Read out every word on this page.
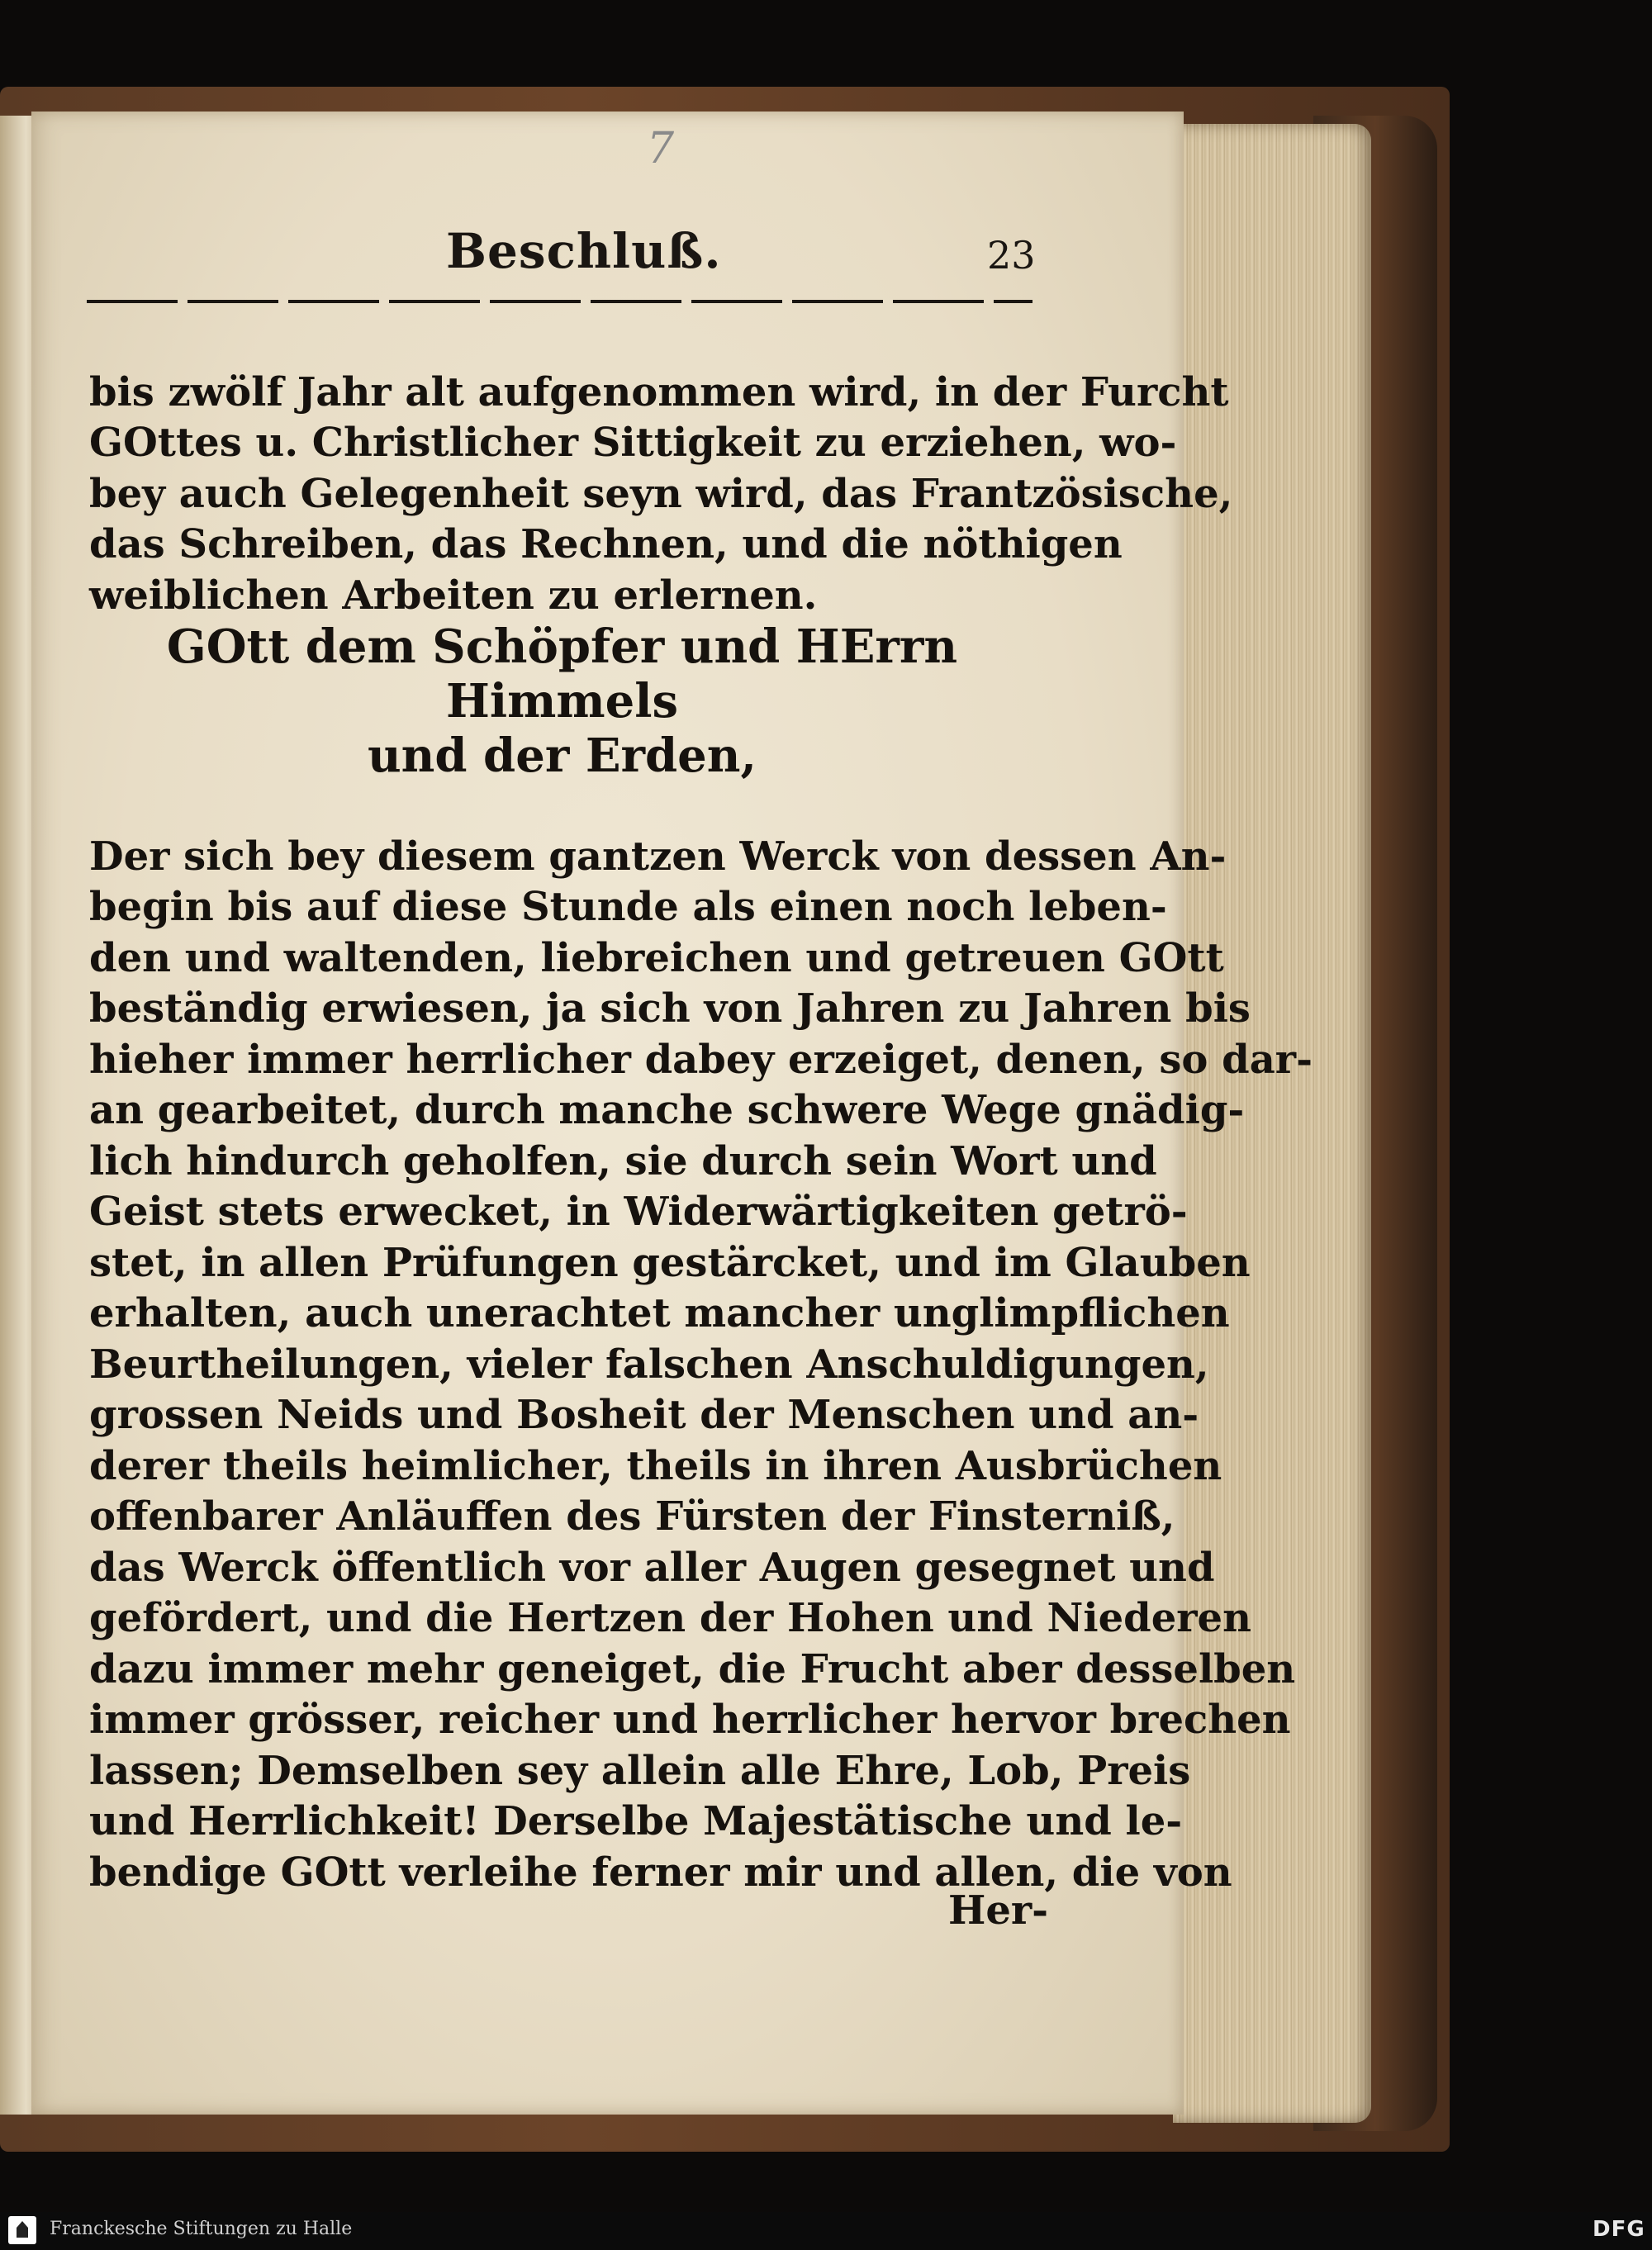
7
Beschluß.	23

bis zwölf Jahr alt aufgenommen wird, in der Furcht
GOttes u. Christlicher Sittigkeit zu erziehen, wo-
bey auch Gelegenheit seyn wird, das Frantzösische,
das Schreiben, das Rechnen, und die nöthigen
weiblichen Arbeiten zu erlernen.

GOtt dem Schöpfer und HErrn Himmels
und der Erden,

Der sich bey diesem gantzen Werck von dessen An-
begin bis auf diese Stunde als einen noch leben-
den und waltenden, liebreichen und getreuen GOtt
beständig erwiesen, ja sich von Jahren zu Jahren bis
hieher immer herrlicher dabey erzeiget, denen, so dar-
an gearbeitet, durch manche schwere Wege gnädig-
lich hindurch geholfen, sie durch sein Wort und
Geist stets erwecket, in Widerwärtigkeiten getrö-
stet, in allen Prüfungen gestärcket, und im Glauben
erhalten, auch unerachtet mancher unglimpflichen
Beurtheilungen, vieler falschen Anschuldigungen,
grossen Neids und Bosheit der Menschen und an-
derer theils heimlicher, theils in ihren Ausbrüchen
offenbarer Anläuffen des Fürsten der Finsterniß,
das Werck öffentlich vor aller Augen gesegnet und
gefördert, und die Hertzen der Hohen und Niederen
dazu immer mehr geneiget, die Frucht aber desselben
immer grösser, reicher und herrlicher hervor brechen
lassen; Demselben sey allein alle Ehre, Lob, Preis
und Herrlichkeit! Derselbe Majestätische und le-
bendige GOtt verleihe ferner mir und allen, die von

Her-
Franckesche Stiftungen zu Halle	DFG
